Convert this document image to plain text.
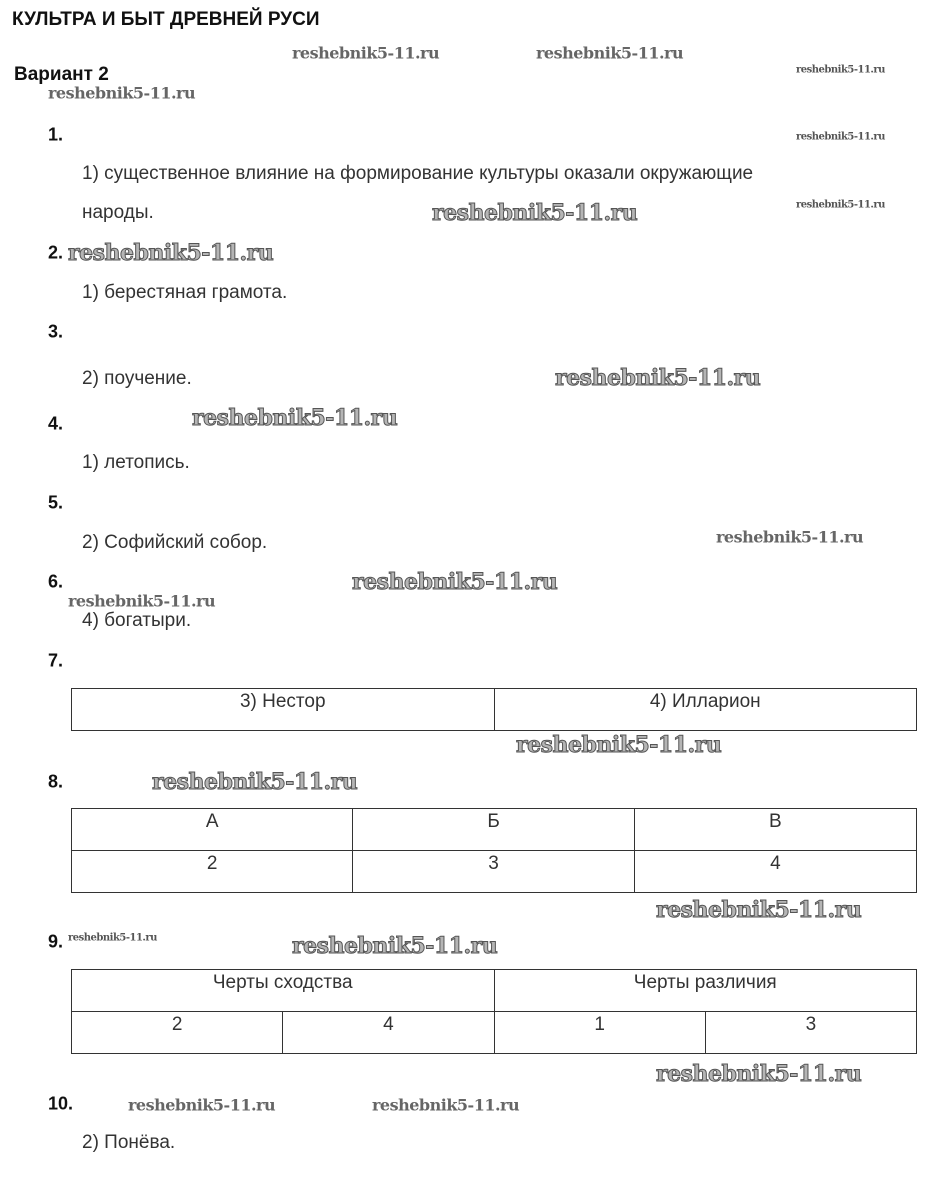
КУЛЬТРА И БЫТ ДРЕВНЕЙ РУСИ
Вариант 2
1.
1) существенное влияние на формирование культуры оказали окружающие
народы.
2.
1) берестяная грамота.
3.
2) поучение.
4.
1) летопись.
5.
2) Софийский собор.
6.
4) богатыри.
7.
3) Нестор	4) Илларион
8.
А	Б	В
2	3	4
9.
Черты сходства		Черты различия	
2	4	1	3
10.
2) Понёва.
reshebnik5-11.ru	reshebnik5-11.ru
reshebnik5-11.ru
reshebnik5-11.ru
reshebnik5-11.ru
reshebnik5-11.ru
reshebnik5-11.ru
reshebnik5-11.ru
reshebnik5-11.ru
reshebnik5-11.ru
reshebnik5-11.ru
reshebnik5-11.ru
reshebnik5-11.ru
reshebnik5-11.ru
reshebnik5-11.ru
reshebnik5-11.ru
reshebnik5-11.ru	reshebnik5-11.ru
reshebnik5-11.ru
reshebnik5-11.ru	reshebnik5-11.ru
